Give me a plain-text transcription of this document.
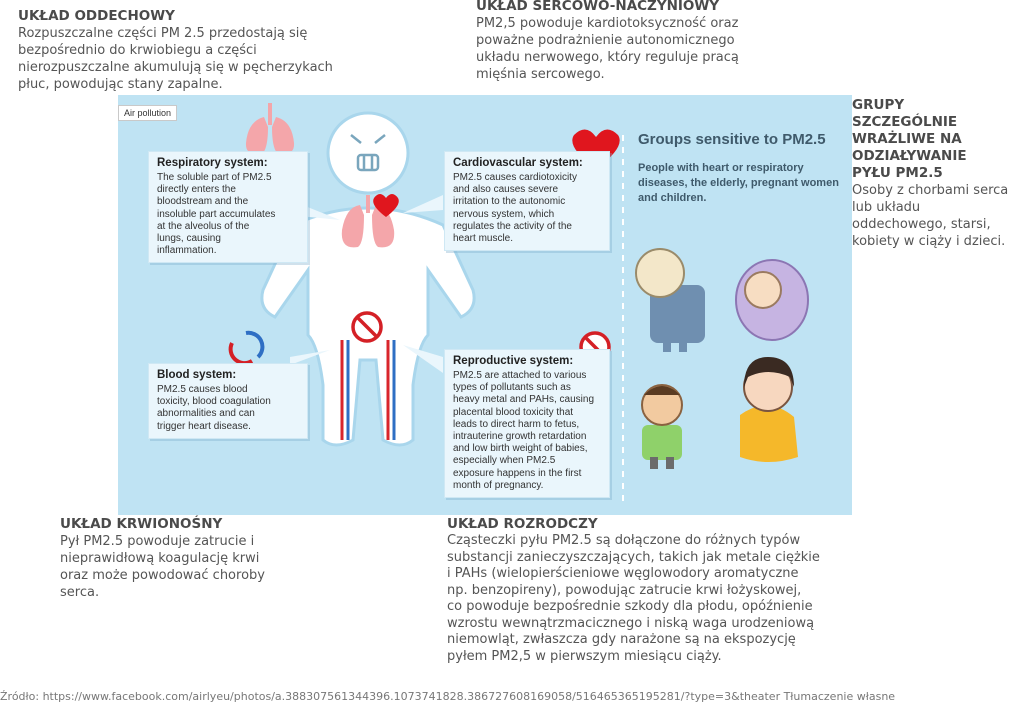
UKŁAD ODDECHOWY
Rozpuszczalne części PM 2.5 przedostają się
bezpośrednio do krwiobiegu a części
nierozpuszczalne akumulują się w pęcherzykach
płuc, powodując stany zapalne.
UKŁAD SERCOWO-NACZYNIOWY
PM2,5 powoduje kardiotoksyczność oraz
poważne podrażnienie autonomicznego
układu nerwowego, który reguluje pracą
mięśnia sercowego.
GRUPY
SZCZEGÓLNIE
WRAŻLIWE NA
ODZIAŁYWANIE
PYŁU PM2.5
Osoby z chorbami serca
lub układu
oddechowego, starsi,
kobiety w ciąży i dzieci.
Air pollution
Respiratory system:
The soluble part of PM2.5
directly enters the
bloodstream and the
insoluble part accumulates
at the alveolus of the
lungs, causing
inflammation.
Cardiovascular system:
PM2.5 causes cardiotoxicity
and also causes severe
irritation to the autonomic
nervous system, which
regulates the activity of the
heart muscle.
Blood system:
PM2.5 causes blood
toxicity, blood coagulation
abnormalities and can
trigger heart disease.
Reproductive system:
PM2.5 are attached to various
types of pollutants such as
heavy metal and PAHs, causing
placental blood toxicity that
leads to direct harm to fetus,
intrauterine growth retardation
and low birth weight of babies,
especially when PM2.5
exposure happens in the first
month of pregnancy.
Groups sensitive to PM2.5
People with heart or respiratory
diseases, the elderly, pregnant women
and children.
UKŁAD KRWIONOŚNY
Pył PM2.5 powoduje zatrucie i
nieprawidłową koagulację krwi
oraz może powodować choroby
serca.
UKŁAD ROZRODCZY
Cząsteczki pyłu PM2.5 są dołączone do różnych typów
substancji zanieczyszczających, takich jak metale ciężkie
i PAHs (wielopierścieniowe węglowodory aromatyczne
np. benzopireny), powodując zatrucie krwi łożyskowej,
co powoduje bezpośrednie szkody dla płodu, opóźnienie
wzrostu wewnątrzmacicznego i niską waga urodzeniową
niemowląt, zwłaszcza gdy narażone są na ekspozycję
pyłem PM2,5 w pierwszym miesiącu ciąży.
Źródło: https://www.facebook.com/airlyeu/photos/a.388307561344396.1073741828.386727608169058/516465365195281/?type=3&theater Tłumaczenie własne
